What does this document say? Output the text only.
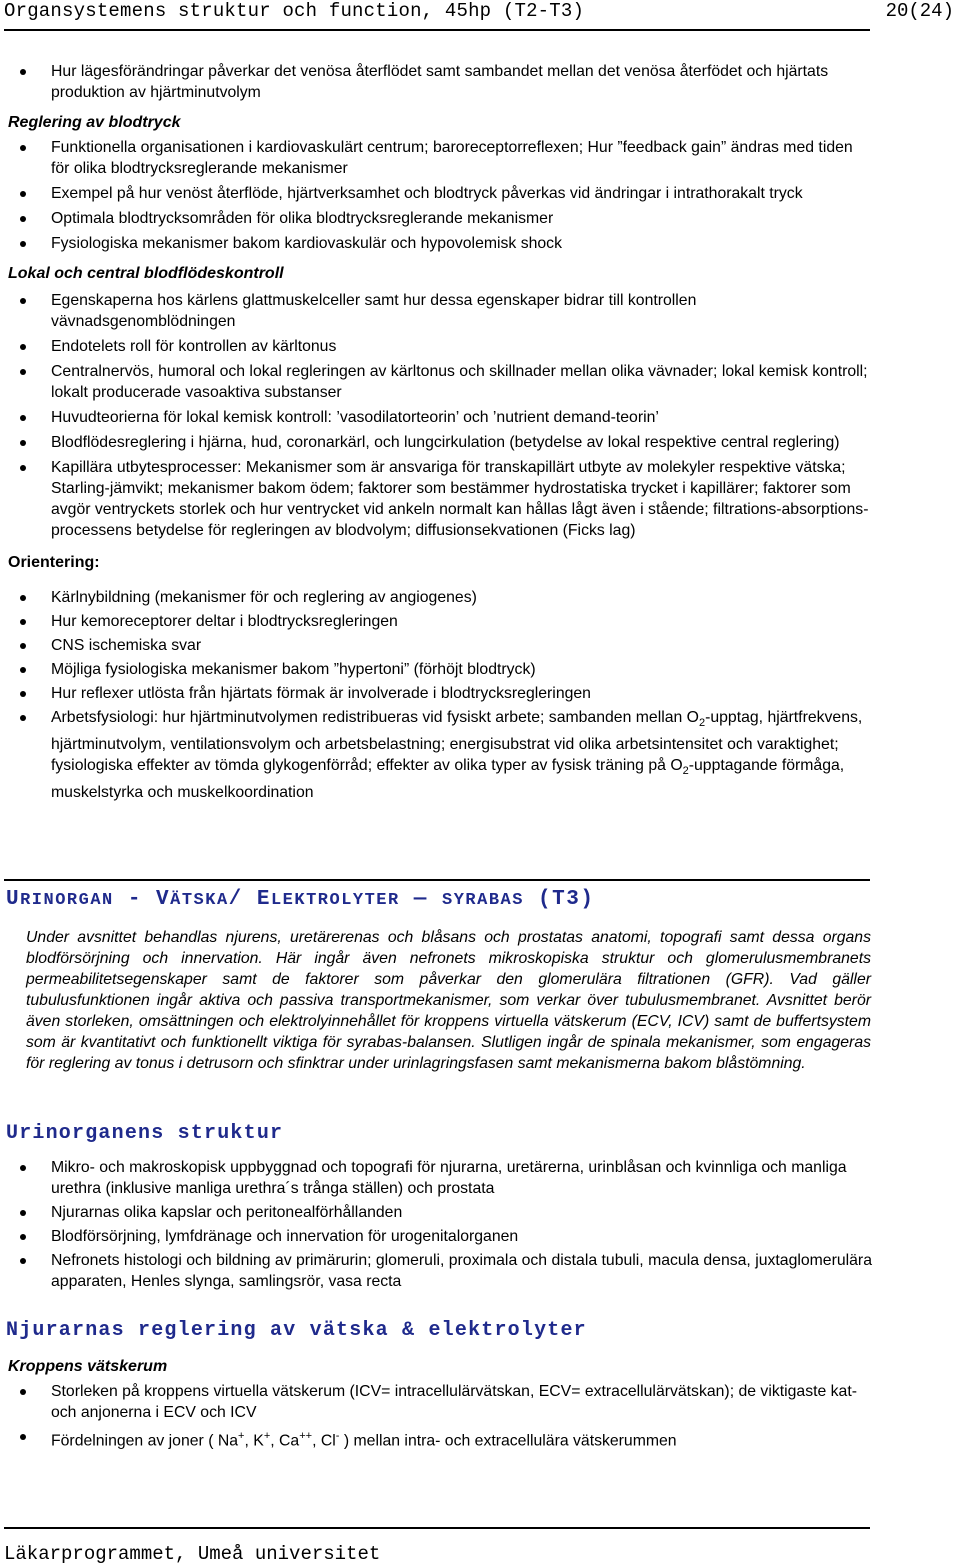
Organsystemens struktur och function, 45hp (T2-T3)	20(24)
Hur lägesförändringar påverkar det venösa återflödet samt sambandet mellan det venösa återfödet och hjärtats produktion av hjärtminutvolym
Reglering av blodtryck
Funktionella organisationen i kardiovaskulärt centrum; baroreceptorreflexen; Hur ”feedback gain” ändras med tiden för olika blodtrycksreglerande mekanismer
Exempel på hur venöst återflöde, hjärtverksamhet och blodtryck påverkas vid ändringar i intrathorakalt tryck
Optimala blodtrycksområden för olika blodtrycksreglerande mekanismer
Fysiologiska mekanismer bakom kardiovaskulär och hypovolemisk shock
Lokal och central blodflödeskontroll
Egenskaperna hos kärlens glattmuskelceller samt hur dessa egenskaper bidrar till kontrollen vävnadsgenomblödningen
Endotelets roll för kontrollen av kärltonus
Centralnervös, humoral och lokal regleringen av kärltonus och skillnader mellan olika vävnader; lokal kemisk kontroll; lokalt producerade vasoaktiva substanser
Huvudteorierna för lokal kemisk kontroll: ’vasodilatorteorin’ och ’nutrient demand-teorin’
Blodflödesreglering i hjärna, hud, coronarkärl, och lungcirkulation (betydelse av lokal respektive central reglering)
Kapillära utbytesprocesser: Mekanismer som är ansvariga för transkapillärt utbyte av molekyler respektive vätska; Starling-jämvikt; mekanismer bakom ödem; faktorer som bestämmer hydrostatiska trycket i kapillärer; faktorer som avgör ventryckets storlek och hur ventrycket vid ankeln normalt kan hållas lågt även i stående; filtrations-absorptions-processens betydelse för regleringen av blodvolym; diffusionsekvationen (Ficks lag)
Orientering:
Kärlnybildning (mekanismer för och reglering av angiogenes)
Hur kemoreceptorer deltar i blodtrycksregleringen
CNS ischemiska svar
Möjliga fysiologiska mekanismer bakom ”hypertoni” (förhöjt blodtryck)
Hur reflexer utlösta från hjärtats förmak är involverade i blodtrycksregleringen
Arbetsfysiologi: hur hjärtminutvolymen redistribueras vid fysiskt arbete; sambanden mellan $O_2$-upptag, hjärtfrekvens, hjärtminutvolym, ventilationsvolym och arbetsbelastning; energisubstrat vid olika arbetsintensitet och varaktighet; fysiologiska effekter av tömda glykogenförråd; effekter av olika typer av fysisk träning på $O_2$-upptagande förmåga, muskelstyrka och muskelkoordination
URINORGAN - VÄTSKA/ ELEKTROLYTER — SYRABAS (T3)
Under avsnittet behandlas njurens, uretärerenas och blåsans och prostatas anatomi, topografi samt dessa organs blodförsörjning och innervation. Här ingår även nefronets mikroskopiska struktur och glomerulusmembranets permeabilitetsegenskaper samt de faktorer som påverkar den glomerulära filtrationen (GFR). Vad gäller tubulusfunktionen ingår aktiva och passiva transportmekanismer, som verkar över tubulusmembranet. Avsnittet berör även storleken, omsättningen och elektrolyinnehållet för kroppens virtuella vätskerum (ECV, ICV) samt de buffertsystem som är kvantitativt och funktionellt viktiga för syrabas-balansen. Slutligen ingår de spinala mekanismer, som engageras för reglering av tonus i detrusorn och sfinktrar under urinlagringsfasen samt mekanismerna bakom blåstömning.
Urinorganens struktur
Mikro- och makroskopisk uppbyggnad och topografi för njurarna, uretärerna, urinblåsan och kvinnliga och manliga urethra (inklusive manliga urethra´s trånga ställen) och prostata
Njurarnas olika kapslar och peritonealförhållanden
Blodförsörjning, lymfdränage och innervation för urogenitalorganen
Nefronets histologi och bildning av primärurin; glomeruli, proximala och distala tubuli, macula densa, juxtaglomerulära apparaten, Henles slynga, samlingsrör, vasa recta
Njurarnas reglering av vätska & elektrolyter
Kroppens vätskerum
Storleken på kroppens virtuella vätskerum (ICV= intracellulärvätskan, ECV= extracellulärvätskan); de viktigaste kat- och anjonerna i ECV och ICV
Fördelningen av joner ( Na+, K+, Ca++, Cl- ) mellan intra- och extracellulära vätskerummen
Läkarprogrammet, Umeå universitet
